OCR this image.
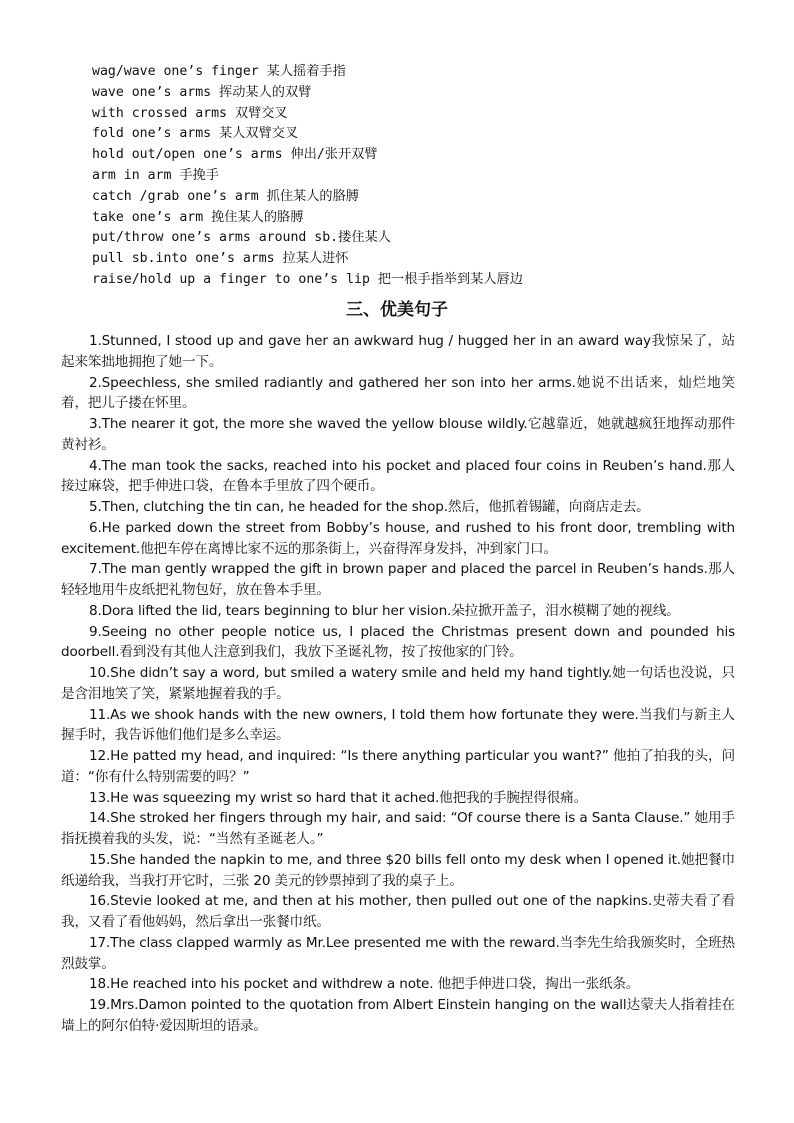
wag/wave one’s finger 某人摇着手指
wave one’s arms 挥动某人的双臂
with crossed arms 双臂交叉
fold one’s arms 某人双臂交叉
hold out/open one’s arms 伸出/张开双臂
arm in arm 手挽手
catch /grab one’s arm 抓住某人的胳膊
take one’s arm 挽住某人的胳膊
put/throw one’s arms around sb.搂住某人
pull sb.into one’s arms 拉某人进怀
raise/hold up a finger to one’s lip 把一根手指举到某人唇边
三、优美句子

1.Stunned, I stood up and gave her an awkward hug / hugged her in an award way我惊呆了，站起来笨拙地拥抱了她一下。

2.Speechless, she smiled radiantly and gathered her son into her arms.她说不出话来，灿烂地笑着，把儿子搂在怀里。

3.The nearer it got, the more she waved the yellow blouse wildly.它越靠近，她就越疯狂地挥动那件黄衬衫。

4.The man took the sacks, reached into his pocket and placed four coins in Reuben’s hand.那人接过麻袋，把手伸进口袋，在鲁本手里放了四个硬币。

5.Then, clutching the tin can, he headed for the shop.然后，他抓着锡罐，向商店走去。

6.He parked down the street from Bobby’s house, and rushed to his front door, trembling with excitement.他把车停在离博比家不远的那条街上，兴奋得浑身发抖，冲到家门口。

7.The man gently wrapped the gift in brown paper and placed the parcel in Reuben’s hands.那人轻轻地用牛皮纸把礼物包好，放在鲁本手里。

8.Dora lifted the lid, tears beginning to blur her vision.朵拉掀开盖子，泪水模糊了她的视线。

9.Seeing no other people notice us, I placed the Christmas present down and pounded his doorbell.看到没有其他人注意到我们，我放下圣诞礼物，按了按他家的门铃。

10.She didn’t say a word, but smiled a watery smile and held my hand tightly.她一句话也没说，只是含泪地笑了笑，紧紧地握着我的手。

11.As we shook hands with the new owners, I told them how fortunate they were.当我们与新主人握手时，我告诉他们他们是多么幸运。

12.He patted my head, and inquired: “Is there anything particular you want?” 他拍了拍我的头，问道：“你有什么特别需要的吗？”

13.He was squeezing my wrist so hard that it ached.他把我的手腕捏得很痛。

14.She stroked her fingers through my hair, and said: “Of course there is a Santa Clause.” 她用手指抚摸着我的头发，说：“当然有圣诞老人。”

15.She handed the napkin to me, and three $20 bills fell onto my desk when I opened it.她把餐巾纸递给我，当我打开它时，三张 20 美元的钞票掉到了我的桌子上。

16.Stevie looked at me, and then at his mother, then pulled out one of the napkins.史蒂夫看了看我，又看了看他妈妈，然后拿出一张餐巾纸。

17.The class clapped warmly as Mr.Lee presented me with the reward.当李先生给我颁奖时，全班热烈鼓掌。

18.He reached into his pocket and withdrew a note. 他把手伸进口袋，掏出一张纸条。

19.Mrs.Damon pointed to the quotation from Albert Einstein hanging on the wall达蒙夫人指着挂在墙上的阿尔伯特·爱因斯坦的语录。
